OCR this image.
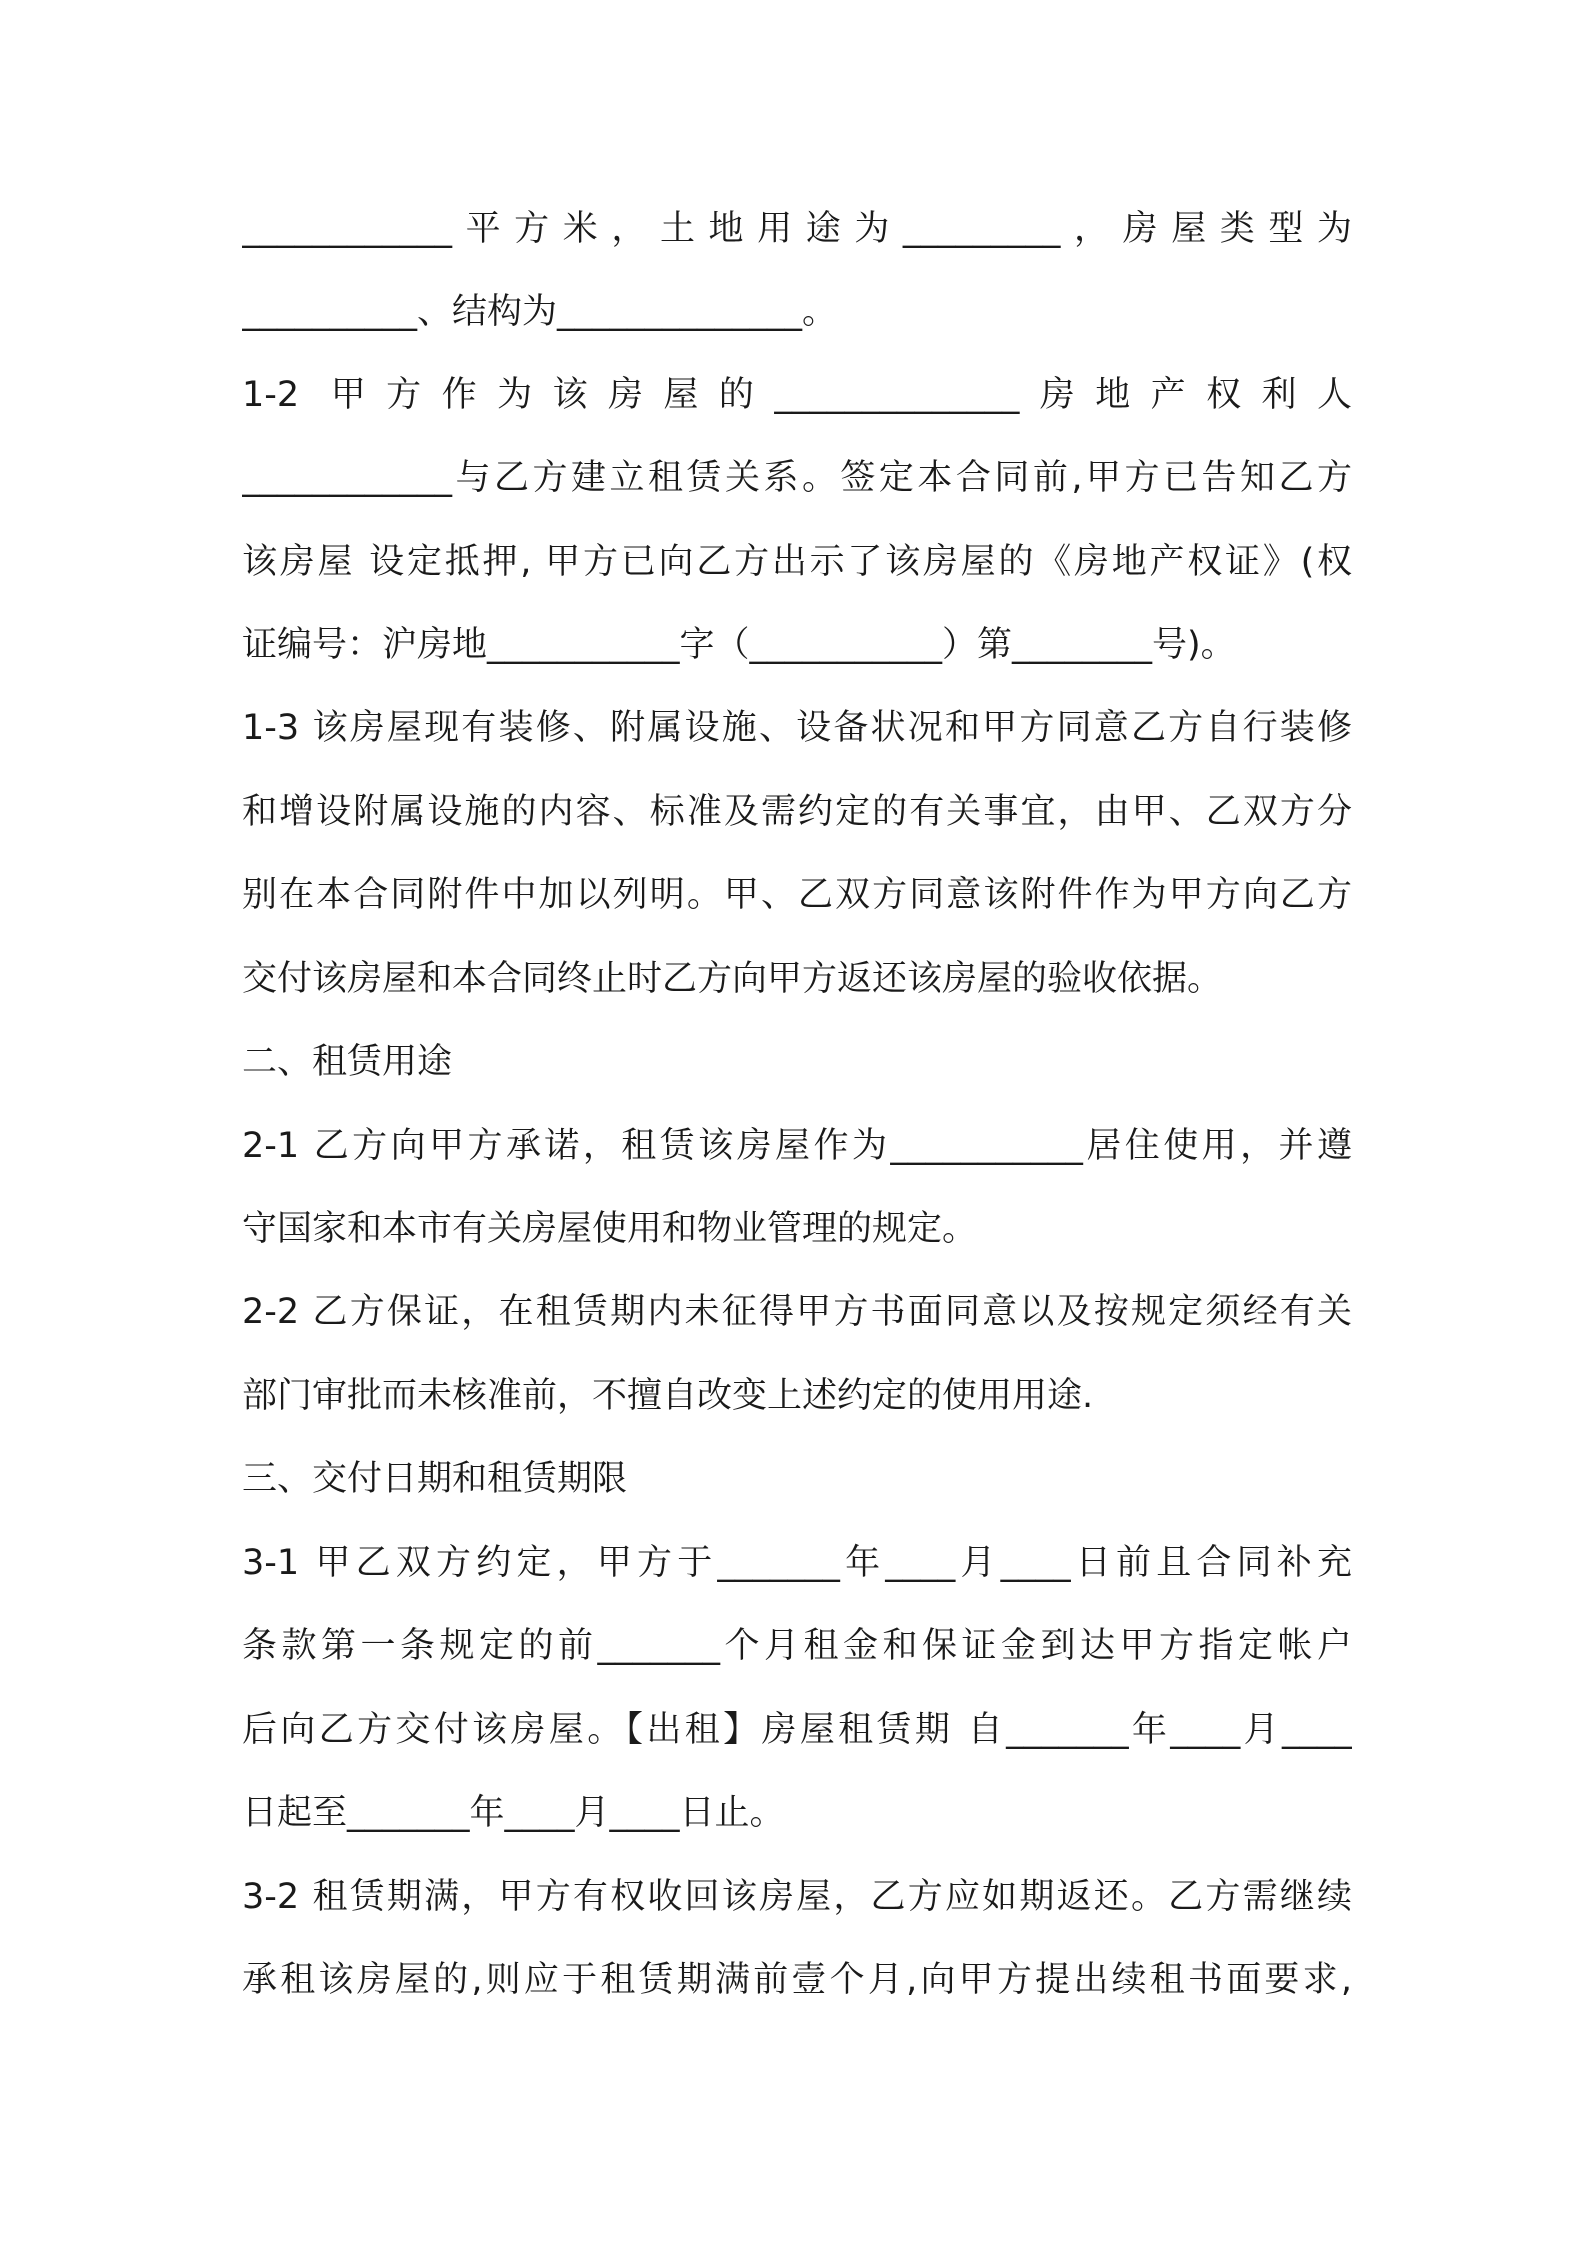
____________平方米，土地用途为_________，房屋类型为
__________、结构为______________。
1-2 甲方作为该房屋的______________房地产权利人
____________与乙方建立租赁关系。签定本合同前,甲方已告知乙方
该房屋 设定抵押, 甲方已向乙方出示了该房屋的《房地产权证》(权
证编号：沪房地___________字（___________）第________号)。
1-3 该房屋现有装修、附属设施、设备状况和甲方同意乙方自行装修
和增设附属设施的内容、标准及需约定的有关事宜，由甲、乙双方分
别在本合同附件中加以列明。甲、乙双方同意该附件作为甲方向乙方
交付该房屋和本合同终止时乙方向甲方返还该房屋的验收依据。
二、租赁用途
2-1 乙方向甲方承诺，租赁该房屋作为___________居住使用，并遵
守国家和本市有关房屋使用和物业管理的规定。
2-2 乙方保证，在租赁期内未征得甲方书面同意以及按规定须经有关
部门审批而未核准前，不擅自改变上述约定的使用用途.
三、交付日期和租赁期限
3-1 甲乙双方约定，甲方于_______年____月____日前且合同补充
条款第一条规定的前_______个月租金和保证金到达甲方指定帐户
后向乙方交付该房屋。【出租】房屋租赁期 自_______年____月____
日起至_______年____月____日止。
3-2 租赁期满，甲方有权收回该房屋，乙方应如期返还。乙方需继续
承租该房屋的,则应于租赁期满前壹个月,向甲方提出续租书面要求,
